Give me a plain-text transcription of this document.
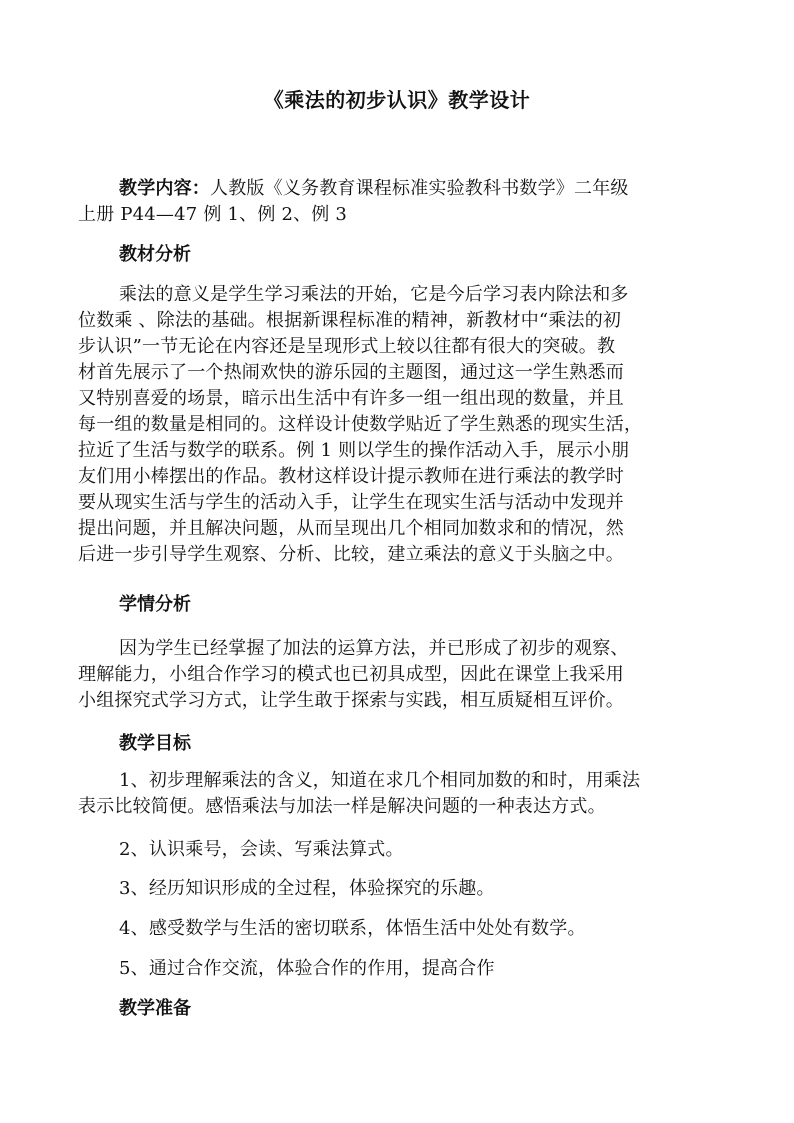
《乘法的初步认识》教学设计
教学内容：人教版《义务教育课程标准实验教科书数学》二年级
上册 P44—47 例 1、例 2、例 3
教材分析
乘法的意义是学生学习乘法的开始，它是今后学习表内除法和多
位数乘 、除法的基础。根据新课程标准的精神，新教材中“乘法的初
步认识”一节无论在内容还是呈现形式上较以往都有很大的突破。教
材首先展示了一个热闹欢快的游乐园的主题图，通过这一学生熟悉而
又特别喜爱的场景，暗示出生活中有许多一组一组出现的数量，并且
每一组的数量是相同的。这样设计使数学贴近了学生熟悉的现实生活，
拉近了生活与数学的联系。例 1 则以学生的操作活动入手，展示小朋
友们用小棒摆出的作品。教材这样设计提示教师在进行乘法的教学时
要从现实生活与学生的活动入手，让学生在现实生活与活动中发现并
提出问题，并且解决问题，从而呈现出几个相同加数求和的情况，然
后进一步引导学生观察、分析、比较，建立乘法的意义于头脑之中。
学情分析
因为学生已经掌握了加法的运算方法，并已形成了初步的观察、
理解能力，小组合作学习的模式也已初具成型，因此在课堂上我采用
小组探究式学习方式，让学生敢于探索与实践，相互质疑相互评价。
教学目标
1、初步理解乘法的含义，知道在求几个相同加数的和时，用乘法
表示比较简便。感悟乘法与加法一样是解决问题的一种表达方式。
2、认识乘号，会读、写乘法算式。
3、经历知识形成的全过程，体验探究的乐趣。
4、感受数学与生活的密切联系，体悟生活中处处有数学。
5、通过合作交流，体验合作的作用，提高合作
教学准备
